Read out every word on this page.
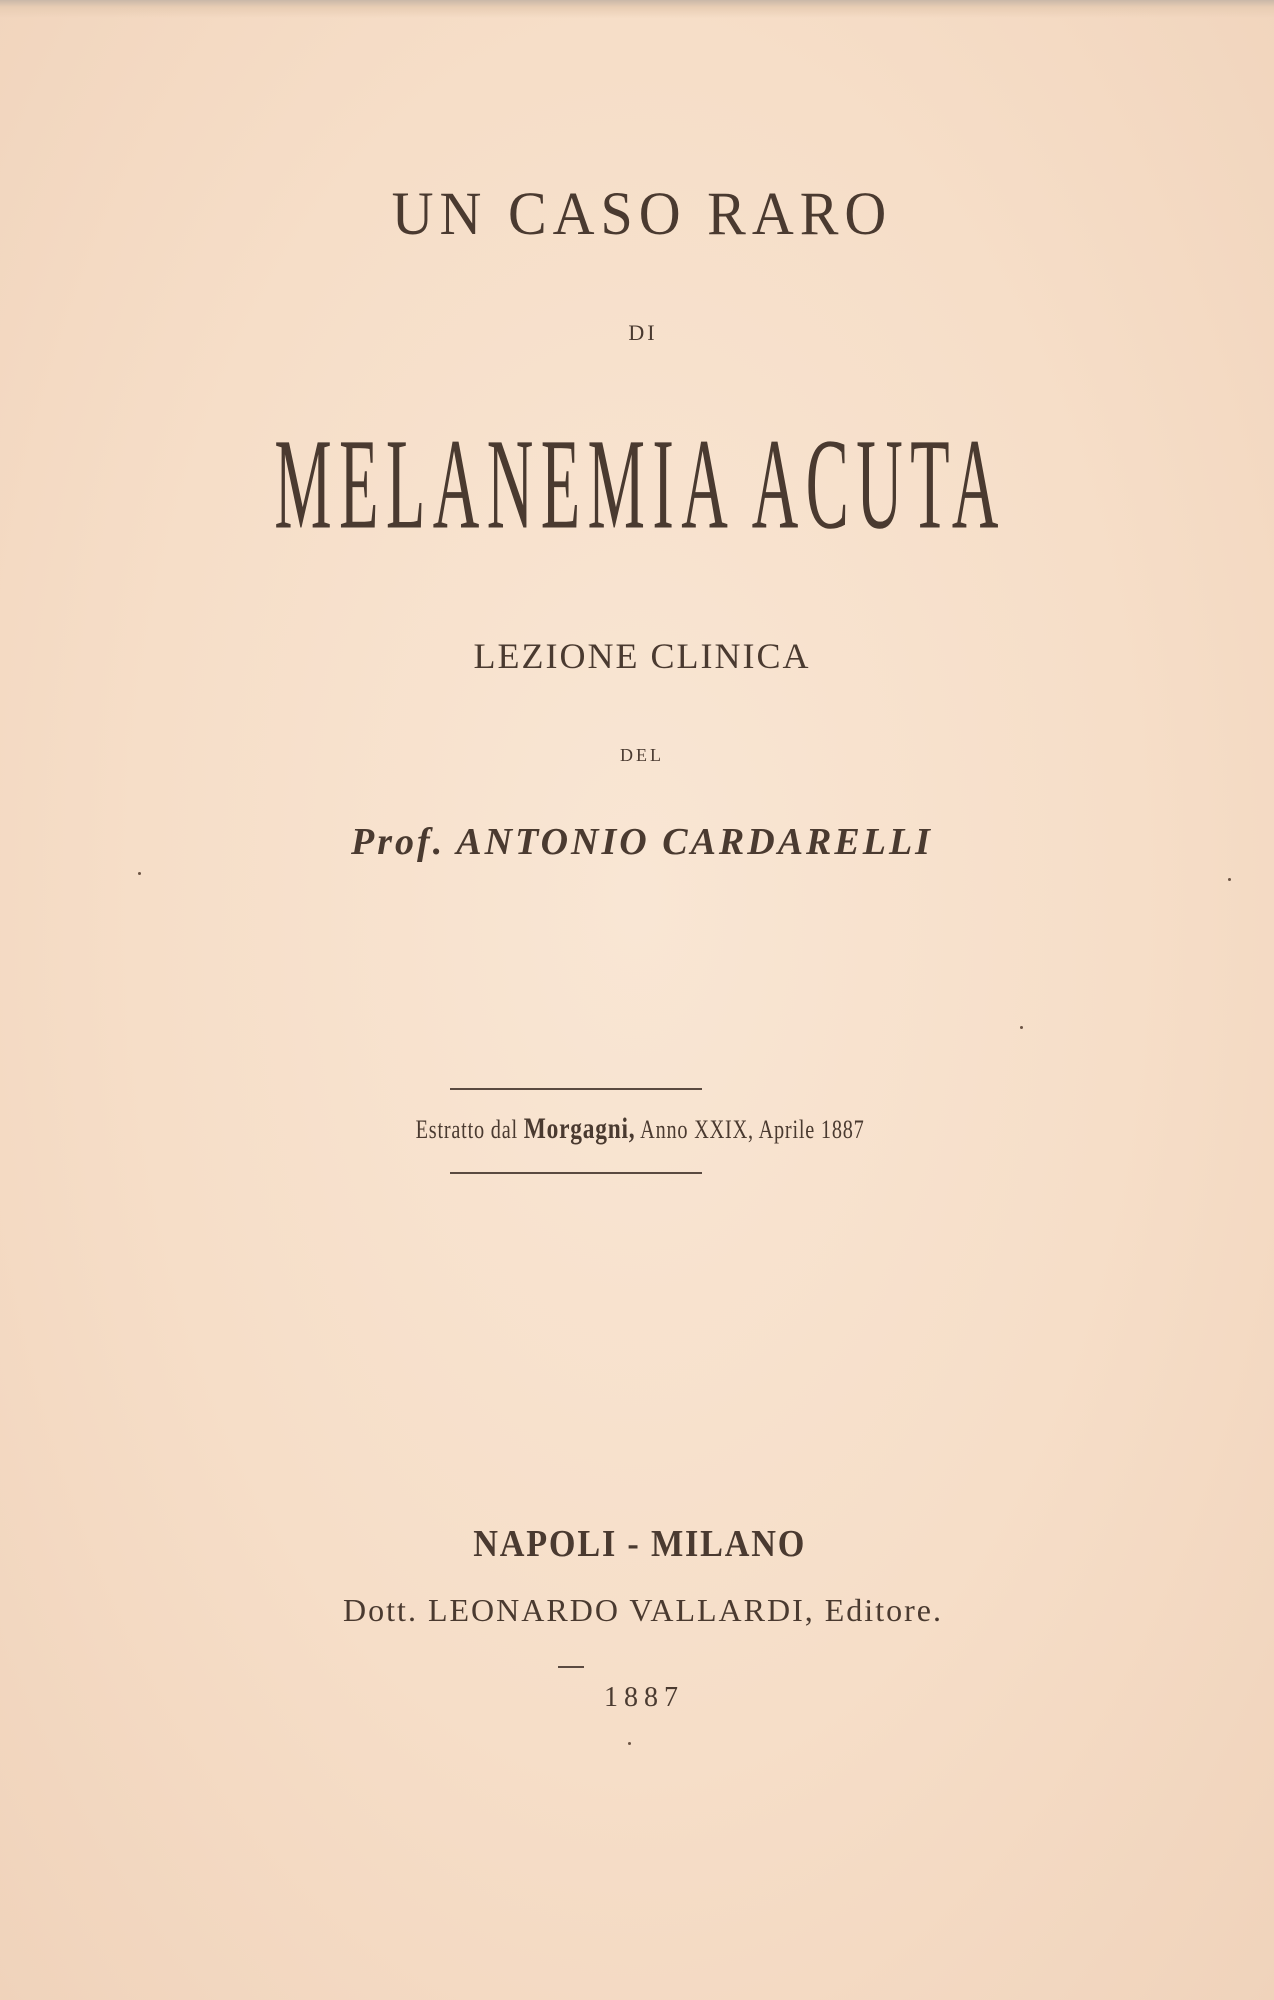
UN CASO RARO
DI
MELANEMIA ACUTA
LEZIONE CLINICA
DEL
Prof. ANTONIO CARDARELLI
Estratto dal Morgagni, Anno XXIX, Aprile 1887
NAPOLI - MILANO
Dott. LEONARDO VALLARDI, Editore.
1887
